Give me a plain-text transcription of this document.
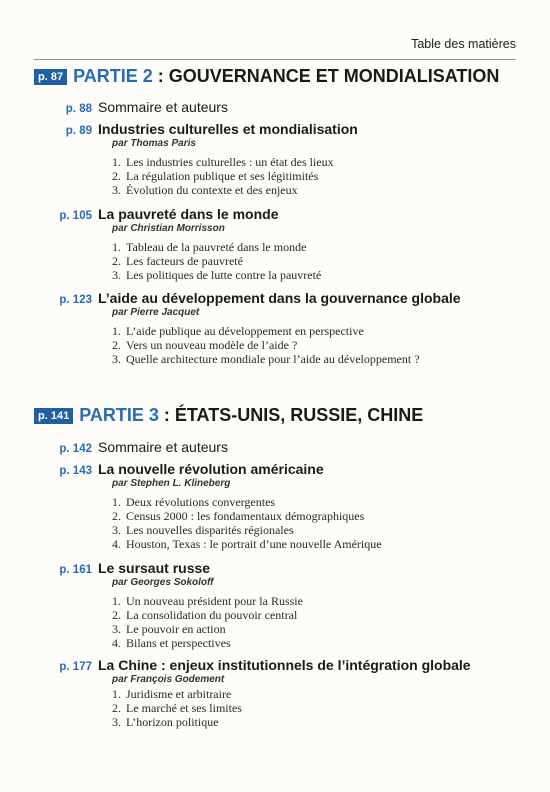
Table des matières
p. 87 PARTIE 2 : GOUVERNANCE ET MONDIALISATION
p. 88 Sommaire et auteurs
p. 89 Industries culturelles et mondialisation
par Thomas Paris
1. Les industries culturelles : un état des lieux
2. La régulation publique et ses légitimités
3. Évolution du contexte et des enjeux
p. 105 La pauvreté dans le monde
par Christian Morrisson
1. Tableau de la pauvreté dans le monde
2. Les facteurs de pauvreté
3. Les politiques de lutte contre la pauvreté
p. 123 L’aide au développement dans la gouvernance globale
par Pierre Jacquet
1. L’aide publique au développement en perspective
2. Vers un nouveau modèle de l’aide ?
3. Quelle architecture mondiale pour l’aide au développement ?
p. 141 PARTIE 3 : ÉTATS-UNIS, RUSSIE, CHINE
p. 142 Sommaire et auteurs
p. 143 La nouvelle révolution américaine
par Stephen L. Klineberg
1. Deux révolutions convergentes
2. Census 2000 : les fondamentaux démographiques
3. Les nouvelles disparités régionales
4. Houston, Texas : le portrait d’une nouvelle Amérique
p. 161 Le sursaut russe
par Georges Sokoloff
1. Un nouveau président pour la Russie
2. La consolidation du pouvoir central
3. Le pouvoir en action
4. Bilans et perspectives
p. 177 La Chine : enjeux institutionnels de l’intégration globale
par François Godement
1. Juridisme et arbitraire
2. Le marché et ses limites
3. L’horizon politique
